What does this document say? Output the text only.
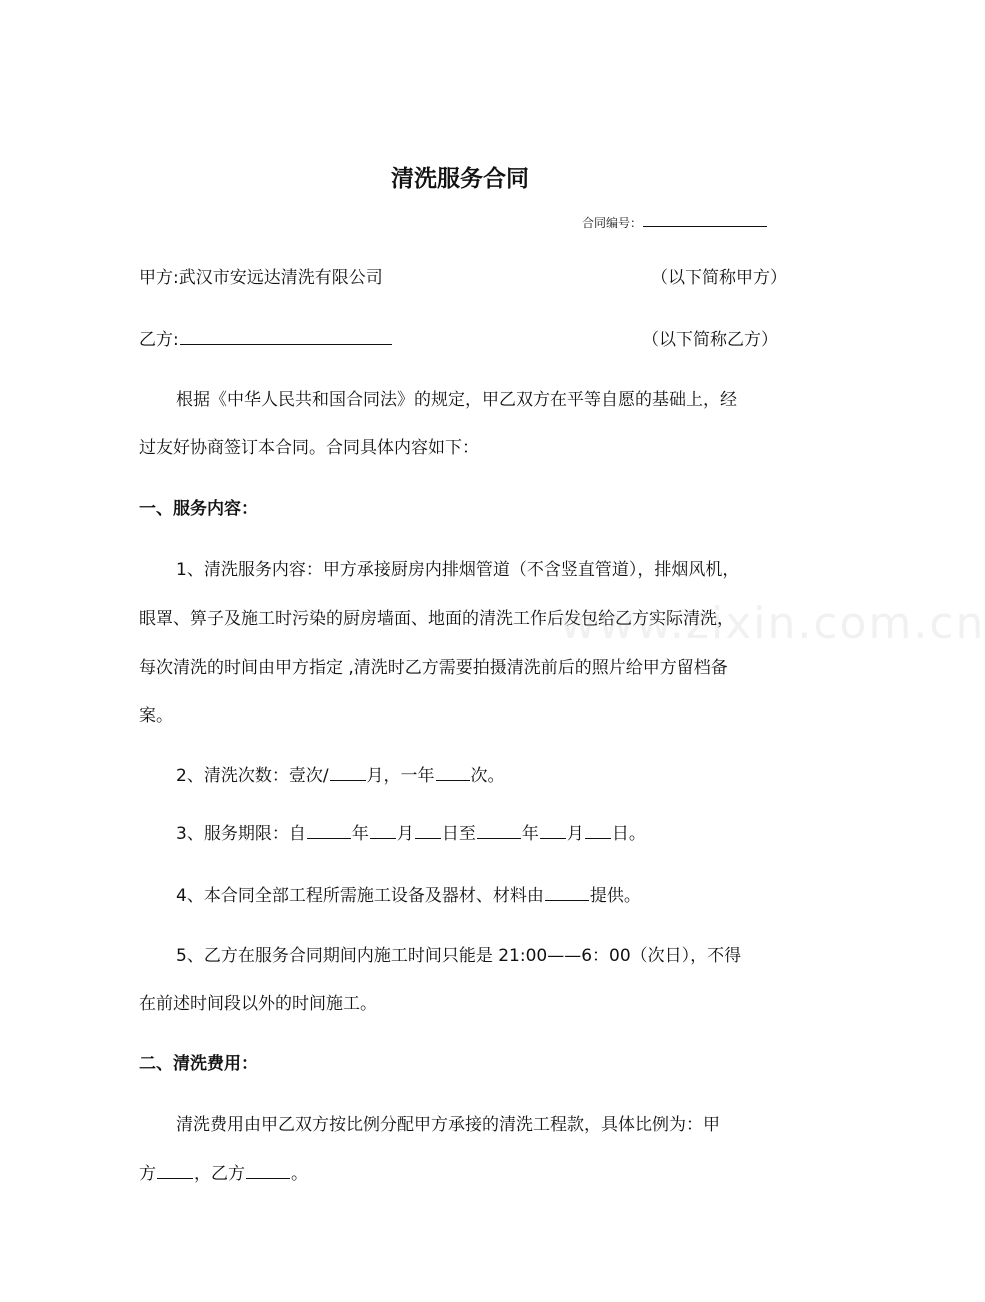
清洗服务合同
合同编号：
甲方:武汉市安远达清洗有限公司	（以下简称甲方）
乙方:	（以下简称乙方）
根据《中华人民共和国合同法》的规定，甲乙双方在平等自愿的基础上，经
过友好协商签订本合同。合同具体内容如下：
一、服务内容：
1、清洗服务内容：甲方承接厨房内排烟管道（不含竖直管道），排烟风机，
眼罩、箅子及施工时污染的厨房墙面、地面的清洗工作后发包给乙方实际清洗，
每次清洗的时间由甲方指定 ,清洗时乙方需要拍摄清洗前后的照片给甲方留档备
案。
2、清洗次数：壹次/ 月，一年 次。
3、服务期限：自	年 月 日至	年 月 日。
4、本合同全部工程所需施工设备及器材、材料由	提供。
5、乙方在服务合同期间内施工时间只能是 21:00——6：00（次日），不得
在前述时间段以外的时间施工。
二、清洗费用：
清洗费用由甲乙双方按比例分配甲方承接的清洗工程款，具体比例为：甲
方 ，乙方	。
www.zixin.com.cn
